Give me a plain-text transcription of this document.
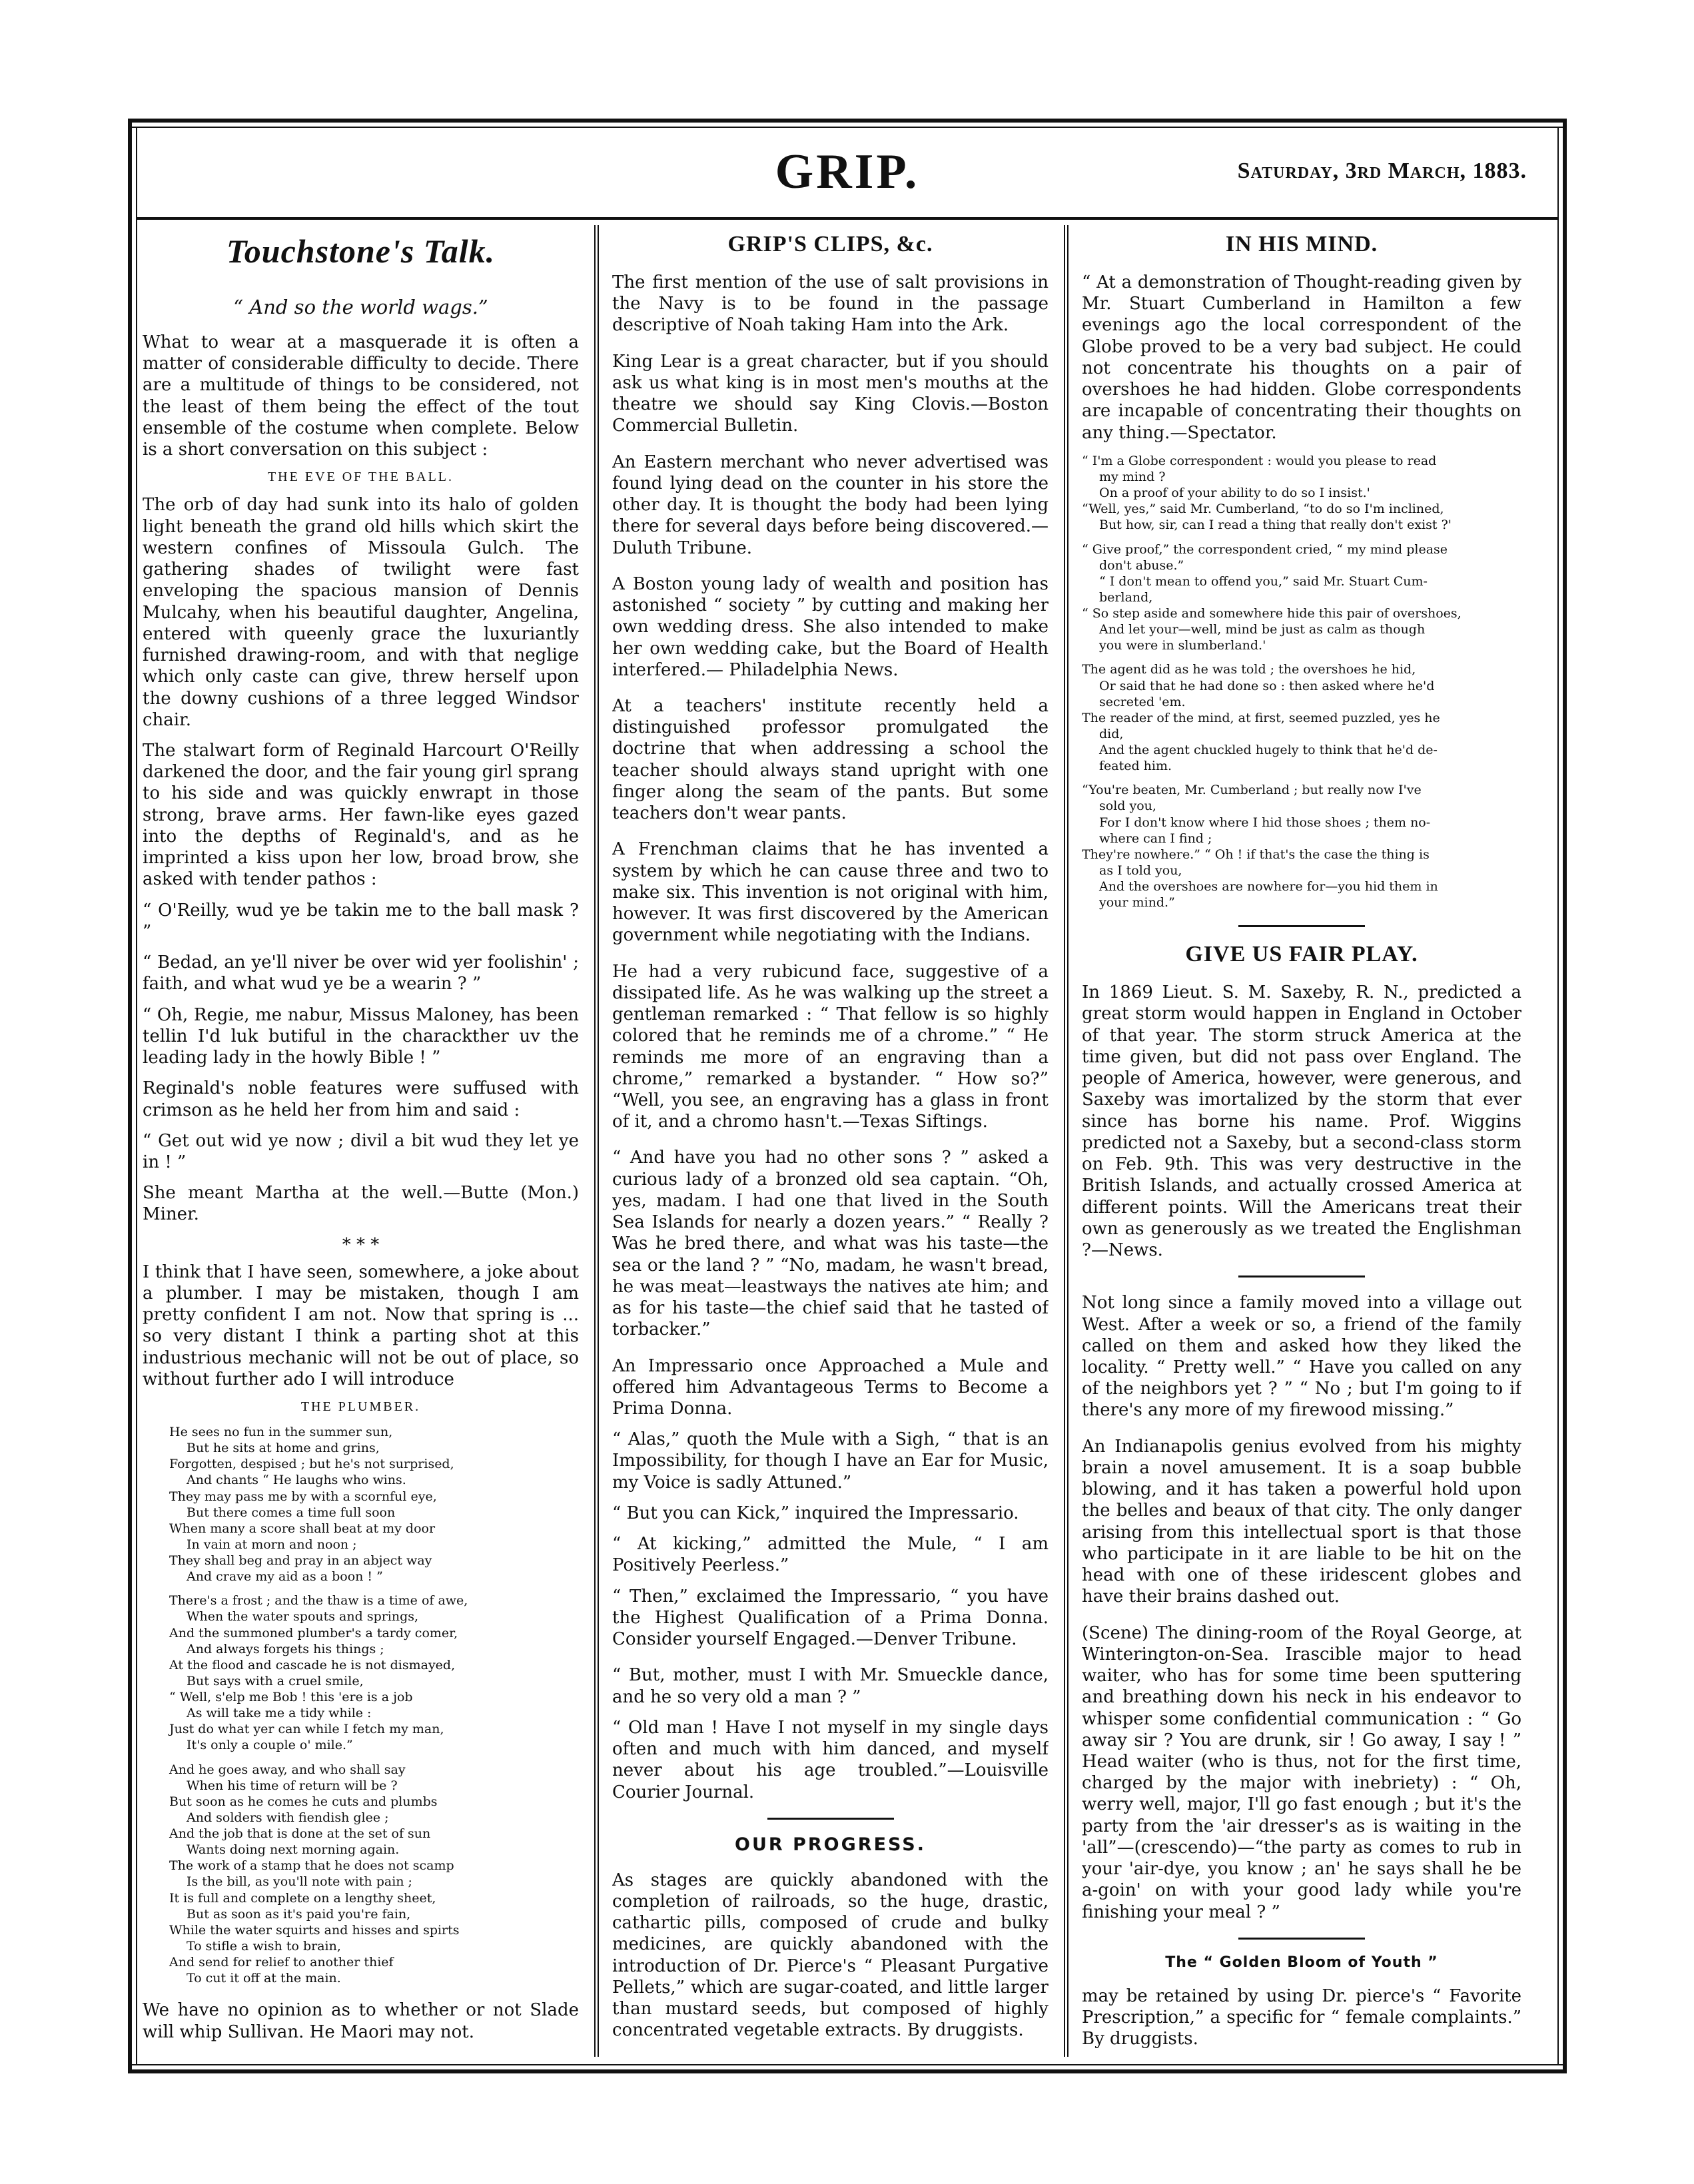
GRIP.	Saturday, 3rd March, 1883.
Touchstone's Talk.
“ And so the world wags.”

What to wear at a masquerade it is often a matter of considerable difficulty to decide. There are a multitude of things to be considered, not the least of them being the effect of the tout ensemble of the costume when complete. Below is a short conversation on this subject :

THE EVE OF THE BALL.

The orb of day had sunk into its halo of golden light beneath the grand old hills which skirt the western confines of Missoula Gulch. The gathering shades of twilight were fast enveloping the spacious mansion of Dennis Mulcahy, when his beautiful daughter, Angelina, entered with queenly grace the luxuriantly furnished drawing-room, and with that neglige which only caste can give, threw herself upon the downy cushions of a three legged Windsor chair.

The stalwart form of Reginald Harcourt O'Reilly darkened the door, and the fair young girl sprang to his side and was quickly enwrapt in those strong, brave arms. Her fawn-like eyes gazed into the depths of Reginald's, and as he imprinted a kiss upon her low, broad brow, she asked with tender pathos :

“ O'Reilly, wud ye be takin me to the ball mask ? ”

“ Bedad, an ye'll niver be over wid yer foolishin' ; faith, and what wud ye be a wearin ? ”

“ Oh, Regie, me nabur, Missus Maloney, has been tellin I'd luk butiful in the charackther uv the leading lady in the howly Bible ! ”

Reginald's noble features were suffused with crimson as he held her from him and said :

“ Get out wid ye now ; divil a bit wud they let ye in ! ”

She meant Martha at the well.—Butte (Mon.) Miner.

* * *

I think that I have seen, somewhere, a joke about a plumber. I may be mistaken, though I am pretty confident I am not. Now that spring is ... so very distant I think a parting shot at this industrious mechanic will not be out of place, so without further ado I will introduce

THE PLUMBER.
He sees no fun in the summer sun,
But he sits at home and grins,
Forgotten, despised ; but he's not surprised,
And chants “ He laughs who wins.
They may pass me by with a scornful eye,
But there comes a time full soon
When many a score shall beat at my door
In vain at morn and noon ;
They shall beg and pray in an abject way
And crave my aid as a boon ! ”
There's a frost ; and the thaw is a time of awe,
When the water spouts and springs,
And the summoned plumber's a tardy comer,
And always forgets his things ;
At the flood and cascade he is not dismayed,
But says with a cruel smile,
“ Well, s'elp me Bob ! this 'ere is a job
As will take me a tidy while :
Just do what yer can while I fetch my man,
It's only a couple o' mile.”
And he goes away, and who shall say
When his time of return will be ?
But soon as he comes he cuts and plumbs
And solders with fiendish glee ;
And the job that is done at the set of sun
Wants doing next morning again.
The work of a stamp that he does not scamp
Is the bill, as you'll note with pain ;
It is full and complete on a lengthy sheet,
But as soon as it's paid you're fain,
While the water squirts and hisses and spirts
To stifle a wish to brain,
And send for relief to another thief
To cut it off at the main.

We have no opinion as to whether or not Slade will whip Sullivan. He Maori may not.

GRIP'S CLIPS, &c.

The first mention of the use of salt provisions in the Navy is to be found in the passage descriptive of Noah taking Ham into the Ark.

King Lear is a great character, but if you should ask us what king is in most men's mouths at the theatre we should say King Clovis.—Boston Commercial Bulletin.

An Eastern merchant who never advertised was found lying dead on the counter in his store the other day. It is thought the body had been lying there for several days before being discovered.—Duluth Tribune.

A Boston young lady of wealth and position has astonished “ society ” by cutting and making her own wedding dress. She also intended to make her own wedding cake, but the Board of Health interfered.— Philadelphia News.

At a teachers' institute recently held a distinguished professor promulgated the doctrine that when addressing a school the teacher should always stand upright with one finger along the seam of the pants. But some teachers don't wear pants.

A Frenchman claims that he has invented a system by which he can cause three and two to make six. This invention is not original with him, however. It was first discovered by the American government while negotiating with the Indians.

He had a very rubicund face, suggestive of a dissipated life. As he was walking up the street a gentleman remarked : “ That fellow is so highly colored that he reminds me of a chrome.” “ He reminds me more of an engraving than a chrome,” remarked a bystander. “ How so?” “Well, you see, an engraving has a glass in front of it, and a chromo hasn't.—Texas Siftings.

“ And have you had no other sons ? ” asked a curious lady of a bronzed old sea captain. “Oh, yes, madam. I had one that lived in the South Sea Islands for nearly a dozen years.” “ Really ? Was he bred there, and what was his taste—the sea or the land ? ” “No, madam, he wasn't bread, he was meat—leastways the natives ate him; and as for his taste—the chief said that he tasted of torbacker.”

An Impressario once Approached a Mule and offered him Advantageous Terms to Become a Prima Donna.

“ Alas,” quoth the Mule with a Sigh, “ that is an Impossibility, for though I have an Ear for Music, my Voice is sadly Attuned.”

“ But you can Kick,” inquired the Impressario.

“ At kicking,” admitted the Mule, “ I am Positively Peerless.”

“ Then,” exclaimed the Impressario, “ you have the Highest Qualification of a Prima Donna. Consider yourself Engaged.—Denver Tribune.

“ But, mother, must I with Mr. Smueckle dance, and he so very old a man ? ”

“ Old man ! Have I not myself in my single days often and much with him danced, and myself never about his age troubled.”—Louisville Courier Journal.

OUR PROGRESS.

As stages are quickly abandoned with the completion of railroads, so the huge, drastic, cathartic pills, composed of crude and bulky medicines, are quickly abandoned with the introduction of Dr. Pierce's “ Pleasant Purgative Pellets,” which are sugar-coated, and little larger than mustard seeds, but composed of highly concentrated vegetable extracts. By druggists.

IN HIS MIND.

“ At a demonstration of Thought-reading given by Mr. Stuart Cumberland in Hamilton a few evenings ago the local correspondent of the Globe proved to be a very bad subject. He could not concentrate his thoughts on a pair of overshoes he had hidden. Globe correspondents are incapable of concentrating their thoughts on any thing.—Spectator.

“ I'm a Globe correspondent : would you please to read
my mind ?
On a proof of your ability to do so I insist.'
“Well, yes,” said Mr. Cumberland, “to do so I'm inclined,
But how, sir, can I read a thing that really don't exist ?'
“ Give proof,” the correspondent cried, “ my mind please
don't abuse.”
“ I don't mean to offend you,” said Mr. Stuart Cum-
berland,
“ So step aside and somewhere hide this pair of overshoes,
And let your—well, mind be just as calm as though
you were in slumberland.'
The agent did as he was told ; the overshoes he hid,
Or said that he had done so : then asked where he'd
secreted 'em.
The reader of the mind, at first, seemed puzzled, yes he
did,
And the agent chuckled hugely to think that he'd de-
feated him.
“You're beaten, Mr. Cumberland ; but really now I've
sold you,
For I don't know where I hid those shoes ; them no-
where can I find ;
They're nowhere.” “ Oh ! if that's the case the thing is
as I told you,
And the overshoes are nowhere for—you hid them in
your mind.”
GIVE US FAIR PLAY.

In 1869 Lieut. S. M. Saxeby, R. N., predicted a great storm would happen in England in October of that year. The storm struck America at the time given, but did not pass over England. The people of America, however, were generous, and Saxeby was imortalized by the storm that ever since has borne his name. Prof. Wiggins predicted not a Saxeby, but a second-class storm on Feb. 9th. This was very destructive in the British Islands, and actually crossed America at different points. Will the Americans treat their own as generously as we treated the Englishman ?—News.

Not long since a family moved into a village out West. After a week or so, a friend of the family called on them and asked how they liked the locality. “ Pretty well.” “ Have you called on any of the neighbors yet ? ” “ No ; but I'm going to if there's any more of my firewood missing.”

An Indianapolis genius evolved from his mighty brain a novel amusement. It is a soap bubble blowing, and it has taken a powerful hold upon the belles and beaux of that city. The only danger arising from this intellectual sport is that those who participate in it are liable to be hit on the head with one of these iridescent globes and have their brains dashed out.

(Scene) The dining-room of the Royal George, at Winterington-on-Sea. Irascible major to head waiter, who has for some time been sputtering and breathing down his neck in his endeavor to whisper some confidential communication : “ Go away sir ? You are drunk, sir ! Go away, I say ! ” Head waiter (who is thus, not for the first time, charged by the major with inebriety) : “ Oh, werry well, major, I'll go fast enough ; but it's the party from the 'air dresser's as is waiting in the 'all”—(crescendo)—“the party as comes to rub in your 'air-dye, you know ; an' he says shall he be a-goin' on with your good lady while you're finishing your meal ? ”

The “ Golden Bloom of Youth ”

may be retained by using Dr. pierce's “ Favorite Prescription,” a specific for “ female complaints.” By druggists.
